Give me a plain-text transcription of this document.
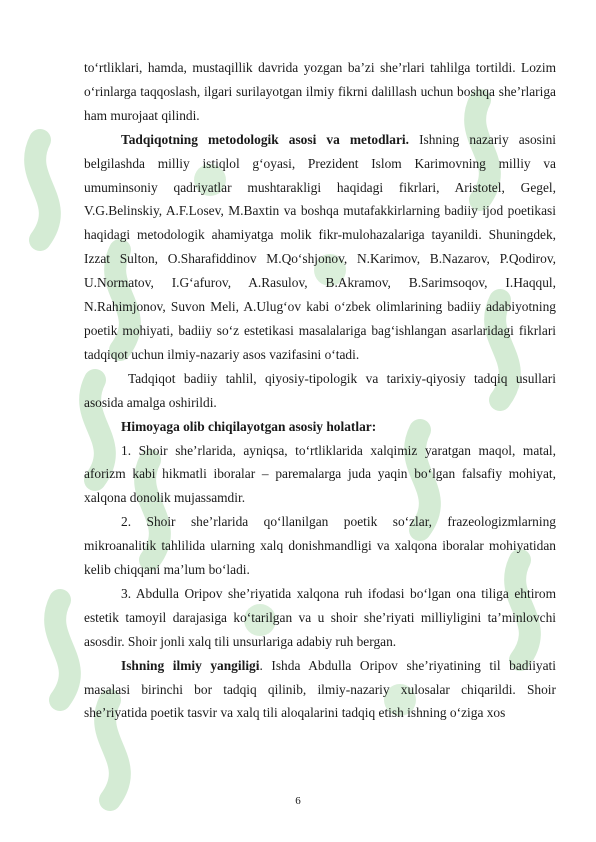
to‘rtliklari, hamda, mustaqillik davrida yozgan ba’zi she’rlari tahlilga tortildi. Lozim o‘rinlarga taqqoslash, ilgari surilayotgan ilmiy fikrni dalillash uchun boshqa she’rlariga ham murojaat qilindi.

Tadqiqotning metodologik asosi va metodlari. Ishning nazariy asosini belgilashda milliy istiqlol g‘oyasi, Prezident Islom Karimovning milliy va umuminsoniy qadriyatlar mushtarakligi haqidagi fikrlari, Aristotel, Gegel, V.G.Belinskiy, A.F.Losev, M.Baxtin va boshqa mutafakkirlarning badiiy ijod poetikasi haqidagi metodologik ahamiyatga molik fikr-mulohazalariga tayanildi. Shuningdek, Izzat Sulton, O.Sharafiddinov M.Qo‘shjonov, N.Karimov, B.Nazarov, P.Qodirov, U.Normatov, I.G‘afurov, A.Rasulov, B.Akramov, B.Sarimsoqov, I.Haqqul, N.Rahimjonov, Suvon Meli, A.Ulug‘ov kabi o‘zbek olimlarining badiiy adabiyotning poetik mohiyati, badiiy so‘z estetikasi masalalariga bag‘ishlangan asarlaridagi fikrlari tadqiqot uchun ilmiy-nazariy asos vazifasini o‘tadi.

Tadqiqot badiiy tahlil, qiyosiy-tipologik va tarixiy-qiyosiy tadqiq usullari asosida amalga oshirildi.

Himoyaga olib chiqilayotgan asosiy holatlar:

1. Shoir she’rlarida, ayniqsa, to‘rtliklarida xalqimiz yaratgan maqol, matal, aforizm kabi hikmatli iboralar – paremalarga juda yaqin bo‘lgan falsafiy mohiyat, xalqona donolik mujassamdir.

2. Shoir she’rlarida qo‘llanilgan poetik so‘zlar, frazeologizmlarning mikroanalitik tahlilida ularning xalq donishmandligi va xalqona iboralar mohiyatidan kelib chiqqani ma’lum bo‘ladi.

3. Abdulla Oripov she’riyatida xalqona ruh ifodasi bo‘lgan ona tiliga ehtirom estetik tamoyil darajasiga ko‘tarilgan va u shoir she’riyati milliyligini ta’minlovchi asosdir. Shoir jonli xalq tili unsurlariga adabiy ruh bergan.

Ishning ilmiy yangiligi. Ishda Abdulla Oripov she’riyatining til badiiyati masalasi birinchi bor tadqiq qilinib, ilmiy-nazariy xulosalar chiqarildi. Shoir she’riyatida poetik tasvir va xalq tili aloqalarini tadqiq etish ishning o‘ziga xos

6
